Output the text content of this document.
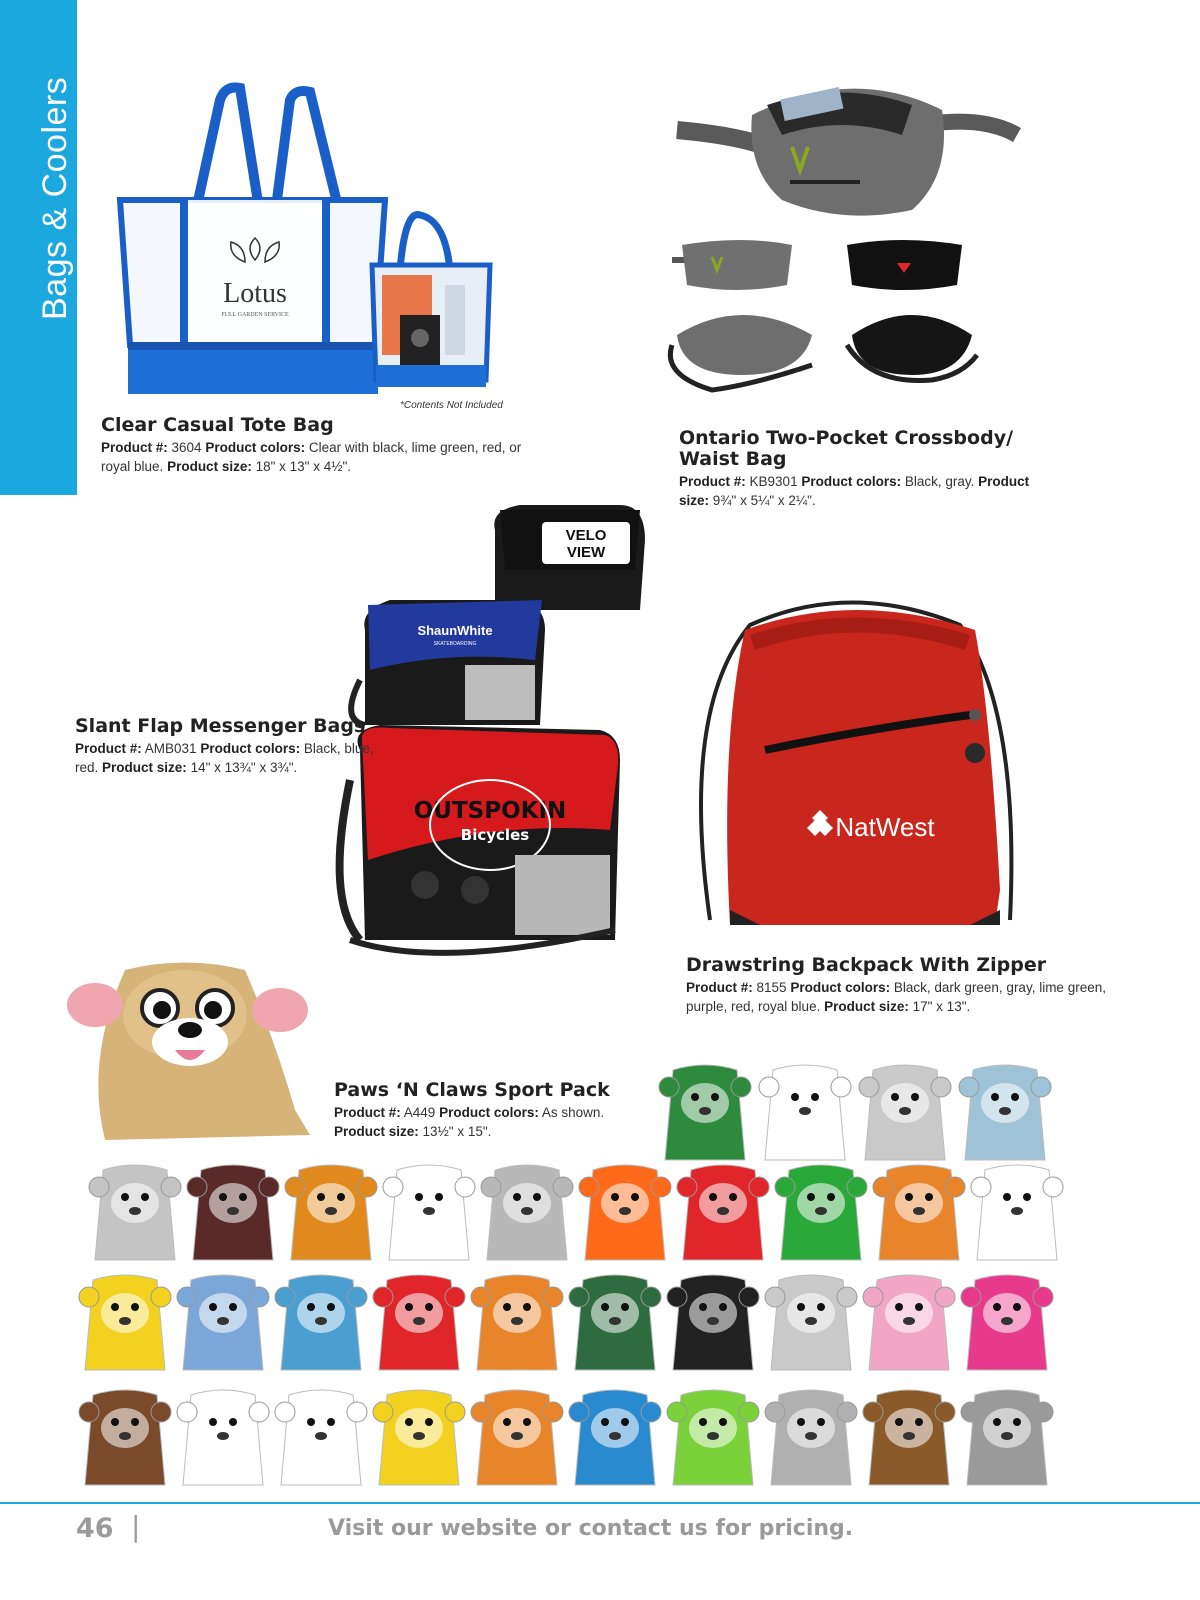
Bags & Coolers	Lotus
FULL GARDEN SERVICE
*Contents Not Included
Clear Casual Tote Bag
Product #: 3604 Product colors: Clear with black, lime green, red, or royal blue. Product size: 18" x 13" x 4½".
Ontario Two-Pocket Crossbody/
Waist Bag
Product #: KB9301 Product colors: Black, gray. Product size: 9¾" x 5¼" x 2¼".
VELO
VIEW
ShaunWhite
SKATEBOARDING
OUTSPOKIN
Bicycles
Slant Flap Messenger Bags
Product #: AMB031 Product colors: Black, blue, red. Product size: 14" x 13¾" x 3¾".
NatWest
Drawstring Backpack With Zipper
Product #: 8155 Product colors: Black, dark green, gray, lime green, purple, red, royal blue. Product size: 17" x 13".
Paws ‘N Claws Sport Pack
Product #: A449 Product colors: As shown. Product size: 13½" x 15".
46 |	Visit our website or contact us for pricing.
